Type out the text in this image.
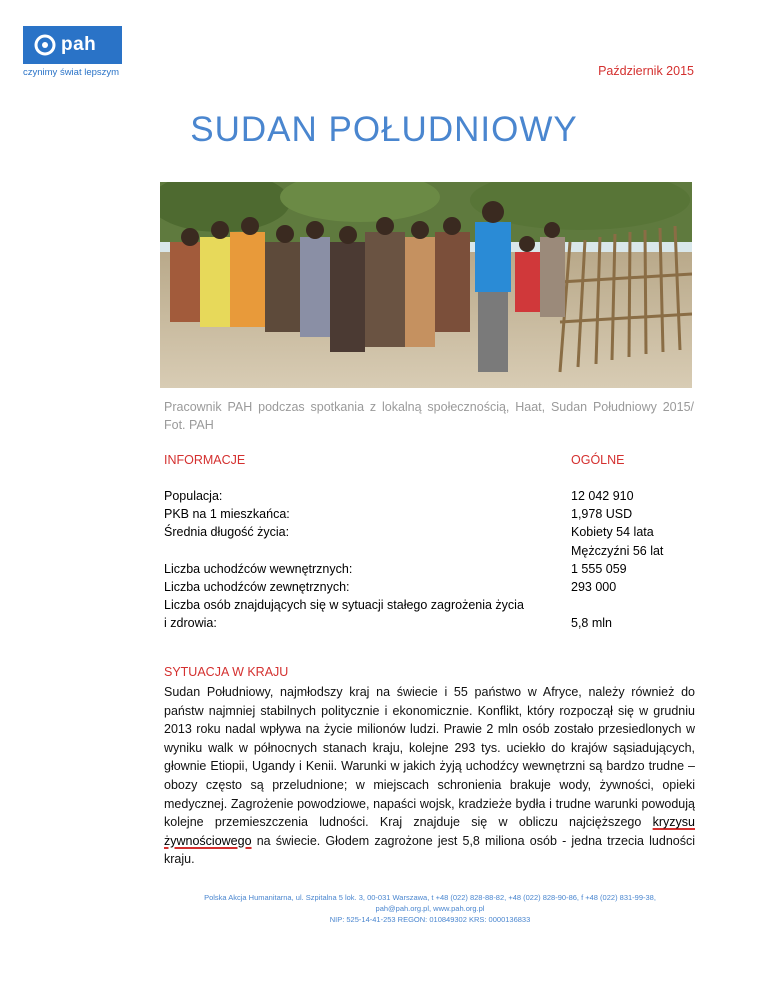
pah
czynimy świat lepszym	Październik 2015
SUDAN POŁUDNIOWY
Pracownik PAH podczas spotkania z lokalną społecznością, Haat, Sudan Południowy 2015/ Fot. PAH
INFORMACJE	OGÓLNE
Populacja:
PKB na 1 mieszkańca:
Średnia długość życia:
Liczba uchodźców wewnętrznych:
Liczba uchodźców zewnętrznych:
Liczba osób znajdujących się w sytuacji stałego zagrożenia życia
i zdrowia:
12 042 910
1,978 USD
Kobiety 54 lata
Mężczyźni 56 lat
1 555 059
293 000
5,8 mln
SYTUACJA W KRAJU
Sudan Południowy, najmłodszy kraj na świecie i 55 państwo w Afryce, należy również do państw najmniej stabilnych politycznie i ekonomicznie. Konflikt, który rozpoczął się w grudniu 2013 roku nadal wpływa na życie milionów ludzi. Prawie 2 mln osób zostało przesiedlonych w wyniku walk w północnych stanach kraju, kolejne 293 tys. uciekło do krajów sąsiadujących, głownie Etiopii, Ugandy i Kenii. Warunki w jakich żyją uchodźcy wewnętrzni są bardzo trudne – obozy często są przeludnione; w miejscach schronienia brakuje wody, żywności, opieki medycznej. Zagrożenie powodziowe, napaści wojsk, kradzieże bydła i trudne warunki powodują kolejne przemieszczenia ludności. Kraj znajduje się w obliczu najcięższego kryzysu żywnościowego na świecie. Głodem zagrożone jest 5,8 miliona osób - jedna trzecia ludności kraju.
Polska Akcja Humanitarna, ul. Szpitalna 5 lok. 3, 00-031 Warszawa, t +48 (022) 828-88-82, +48 (022) 828-90-86, f +48 (022) 831-99-38,
pah@pah.org.pl, www.pah.org.pl
NIP: 525-14-41-253 REGON: 010849302 KRS: 0000136833
